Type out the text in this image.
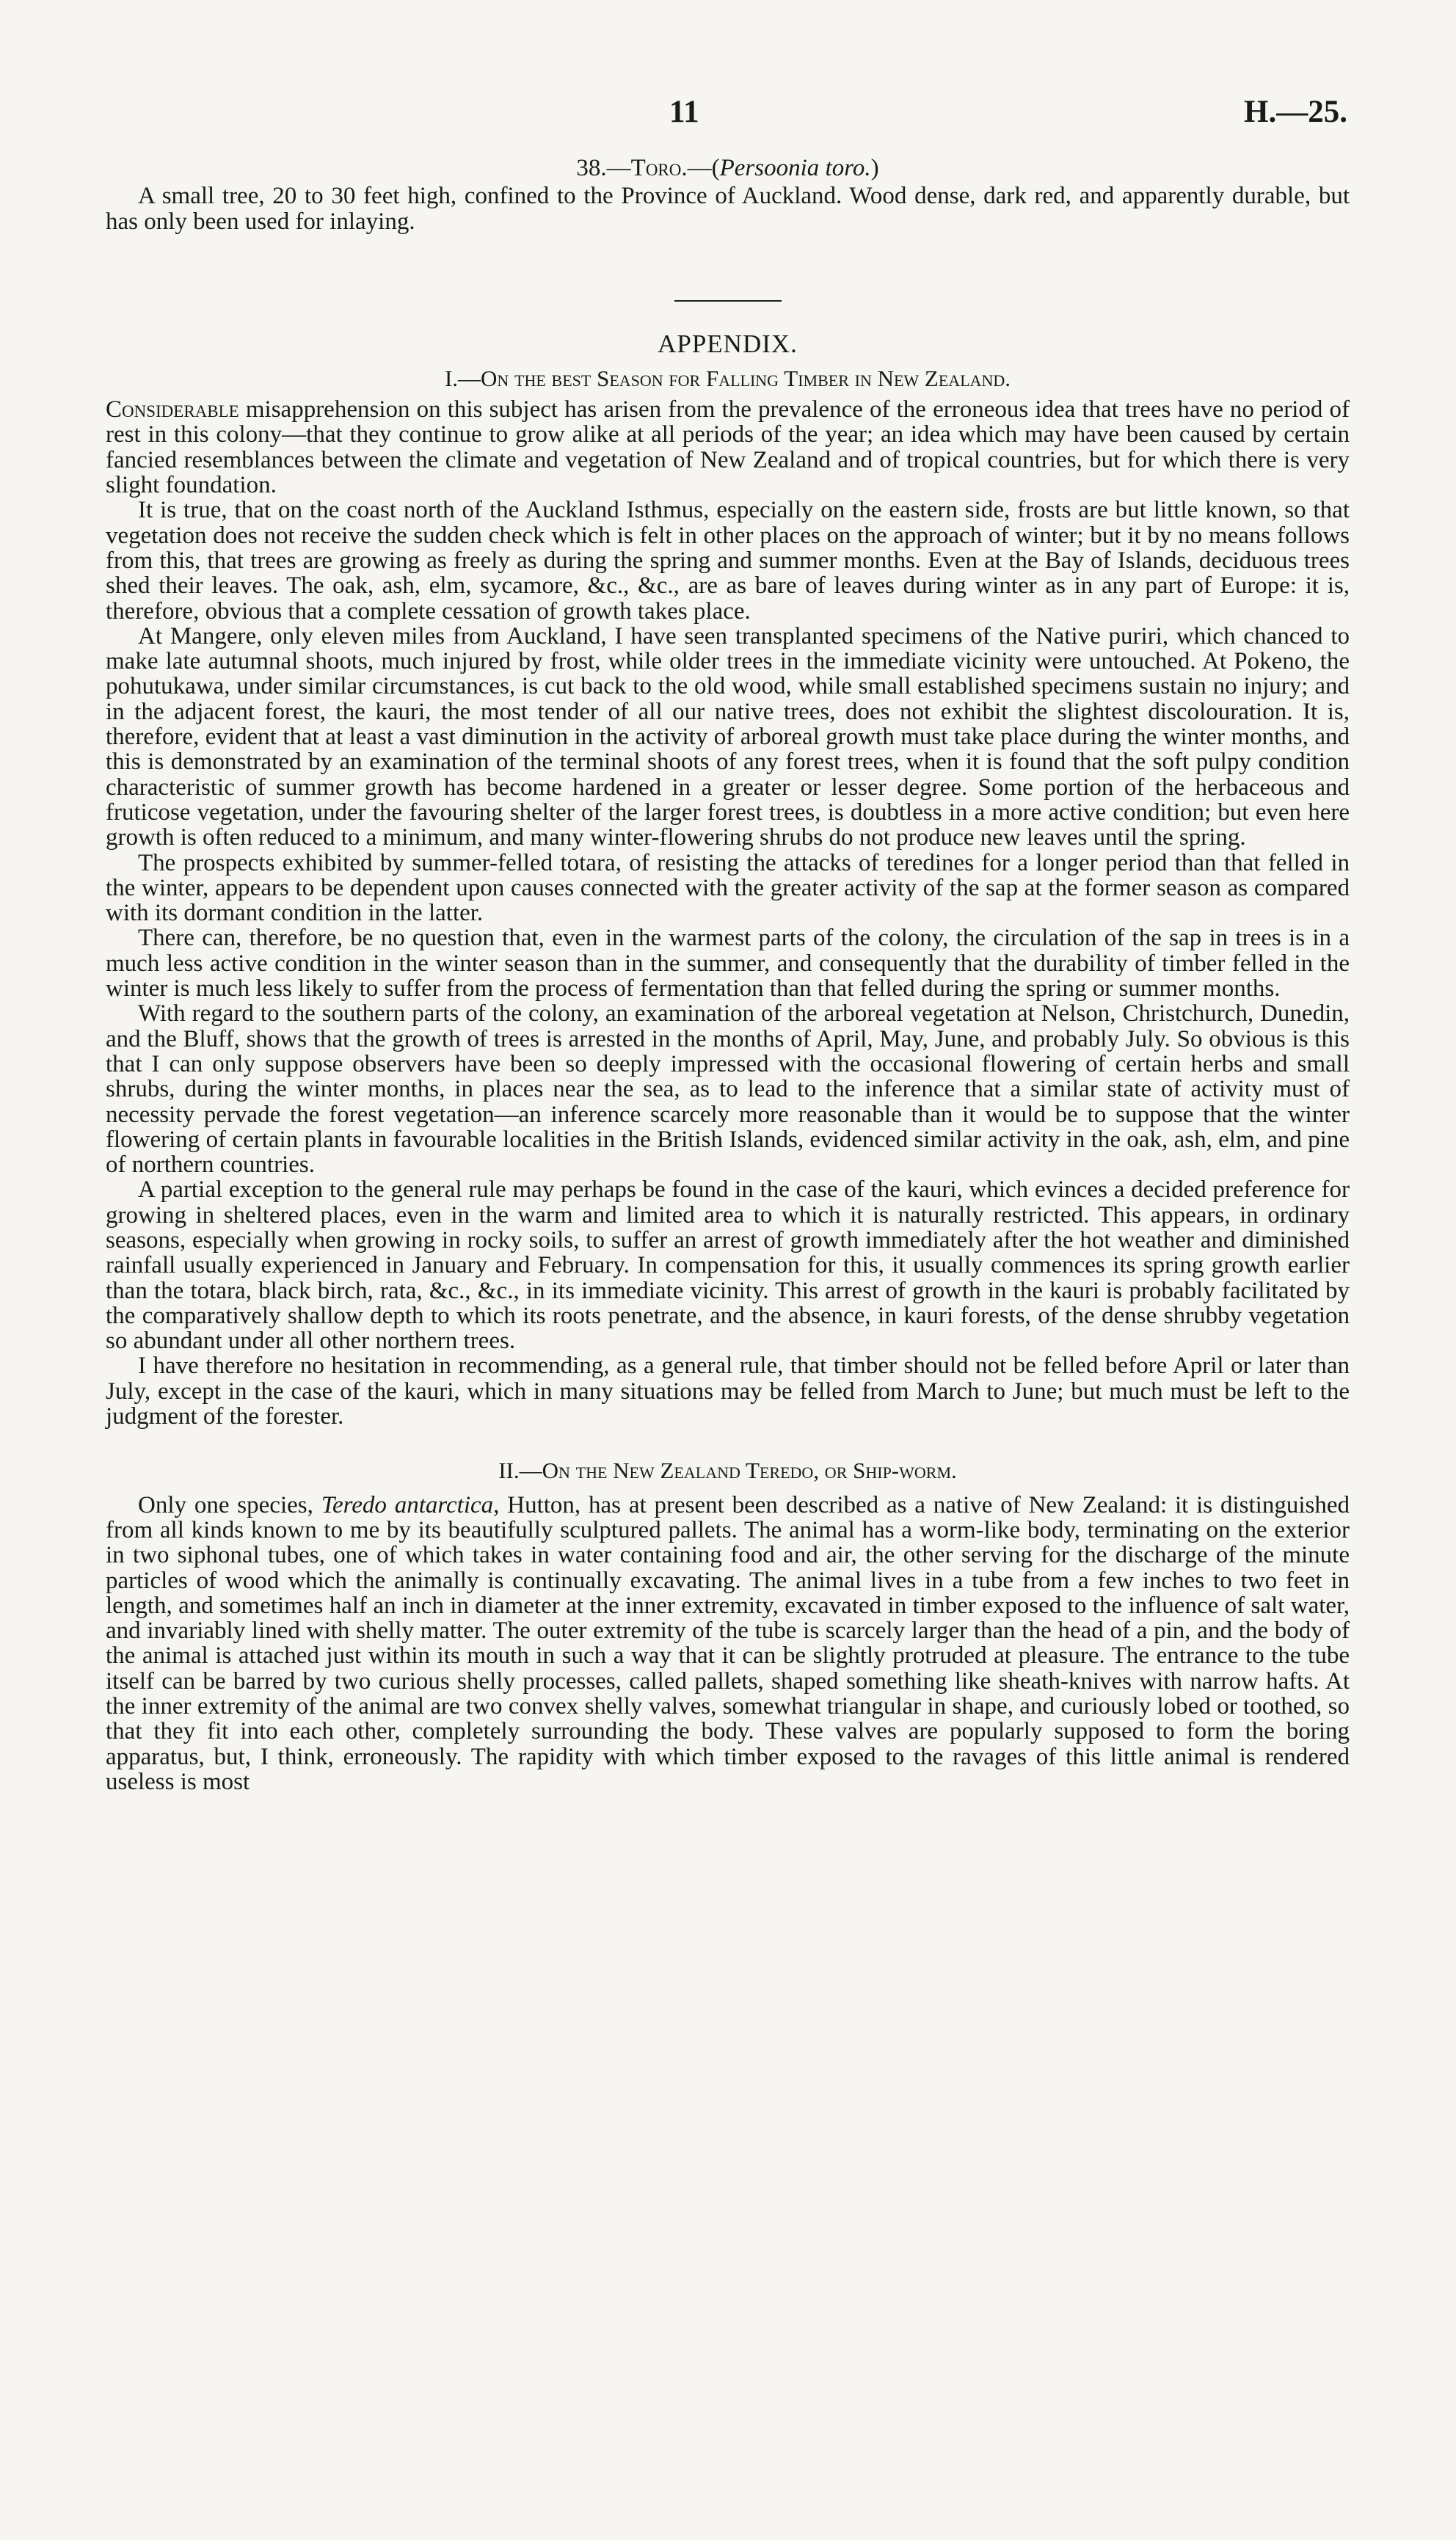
11	H.—25.
38.—Toro.—(Persoonia toro.)

A small tree, 20 to 30 feet high, confined to the Province of Auckland. Wood dense, dark red, and apparently durable, but has only been used for inlaying.

APPENDIX.
I.—On the best Season for Falling Timber in New Zealand.

Considerable misapprehension on this subject has arisen from the prevalence of the erroneous idea that trees have no period of rest in this colony—that they continue to grow alike at all periods of the year; an idea which may have been caused by certain fancied resemblances between the climate and vegetation of New Zealand and of tropical countries, but for which there is very slight foundation.

It is true, that on the coast north of the Auckland Isthmus, especially on the eastern side, frosts are but little known, so that vegetation does not receive the sudden check which is felt in other places on the approach of winter; but it by no means follows from this, that trees are growing as freely as during the spring and summer months. Even at the Bay of Islands, deciduous trees shed their leaves. The oak, ash, elm, sycamore, &c., &c., are as bare of leaves during winter as in any part of Europe: it is, therefore, obvious that a complete cessation of growth takes place.

At Mangere, only eleven miles from Auckland, I have seen transplanted specimens of the Native puriri, which chanced to make late autumnal shoots, much injured by frost, while older trees in the immediate vicinity were untouched. At Pokeno, the pohutukawa, under similar circumstances, is cut back to the old wood, while small established specimens sustain no injury; and in the adjacent forest, the kauri, the most tender of all our native trees, does not exhibit the slightest discolouration. It is, therefore, evident that at least a vast diminution in the activity of arboreal growth must take place during the winter months, and this is demonstrated by an examination of the terminal shoots of any forest trees, when it is found that the soft pulpy condition characteristic of summer growth has become hardened in a greater or lesser degree. Some portion of the herbaceous and fruticose vegetation, under the favouring shelter of the larger forest trees, is doubtless in a more active condition; but even here growth is often reduced to a minimum, and many winter-flowering shrubs do not produce new leaves until the spring.

The prospects exhibited by summer-felled totara, of resisting the attacks of teredines for a longer period than that felled in the winter, appears to be dependent upon causes connected with the greater activity of the sap at the former season as compared with its dormant condition in the latter.

There can, therefore, be no question that, even in the warmest parts of the colony, the circulation of the sap in trees is in a much less active condition in the winter season than in the summer, and consequently that the durability of timber felled in the winter is much less likely to suffer from the process of fermentation than that felled during the spring or summer months.

With regard to the southern parts of the colony, an examination of the arboreal vegetation at Nelson, Christchurch, Dunedin, and the Bluff, shows that the growth of trees is arrested in the months of April, May, June, and probably July. So obvious is this that I can only suppose observers have been so deeply impressed with the occasional flowering of certain herbs and small shrubs, during the winter months, in places near the sea, as to lead to the inference that a similar state of activity must of necessity pervade the forest vegetation—an inference scarcely more reasonable than it would be to suppose that the winter flowering of certain plants in favourable localities in the British Islands, evidenced similar activity in the oak, ash, elm, and pine of northern countries.

A partial exception to the general rule may perhaps be found in the case of the kauri, which evinces a decided preference for growing in sheltered places, even in the warm and limited area to which it is naturally restricted. This appears, in ordinary seasons, especially when growing in rocky soils, to suffer an arrest of growth immediately after the hot weather and diminished rainfall usually experienced in January and February. In compensation for this, it usually commences its spring growth earlier than the totara, black birch, rata, &c., &c., in its immediate vicinity. This arrest of growth in the kauri is probably facilitated by the comparatively shallow depth to which its roots penetrate, and the absence, in kauri forests, of the dense shrubby vegetation so abundant under all other northern trees.

I have therefore no hesitation in recommending, as a general rule, that timber should not be felled before April or later than July, except in the case of the kauri, which in many situations may be felled from March to June; but much must be left to the judgment of the forester.

II.—On the New Zealand Teredo, or Ship-worm.

Only one species, Teredo antarctica, Hutton, has at present been described as a native of New Zealand: it is distinguished from all kinds known to me by its beautifully sculptured pallets. The animal has a worm-like body, terminating on the exterior in two siphonal tubes, one of which takes in water containing food and air, the other serving for the discharge of the minute particles of wood which the animally is continually excavating. The animal lives in a tube from a few inches to two feet in length, and sometimes half an inch in diameter at the inner extremity, excavated in timber exposed to the influence of salt water, and invariably lined with shelly matter. The outer extremity of the tube is scarcely larger than the head of a pin, and the body of the animal is attached just within its mouth in such a way that it can be slightly protruded at pleasure. The entrance to the tube itself can be barred by two curious shelly processes, called pallets, shaped something like sheath-knives with narrow hafts. At the inner extremity of the animal are two convex shelly valves, somewhat triangular in shape, and curiously lobed or toothed, so that they fit into each other, completely surrounding the body. These valves are popularly supposed to form the boring apparatus, but, I think, erroneously. The rapidity with which timber exposed to the ravages of this little animal is rendered useless is most
